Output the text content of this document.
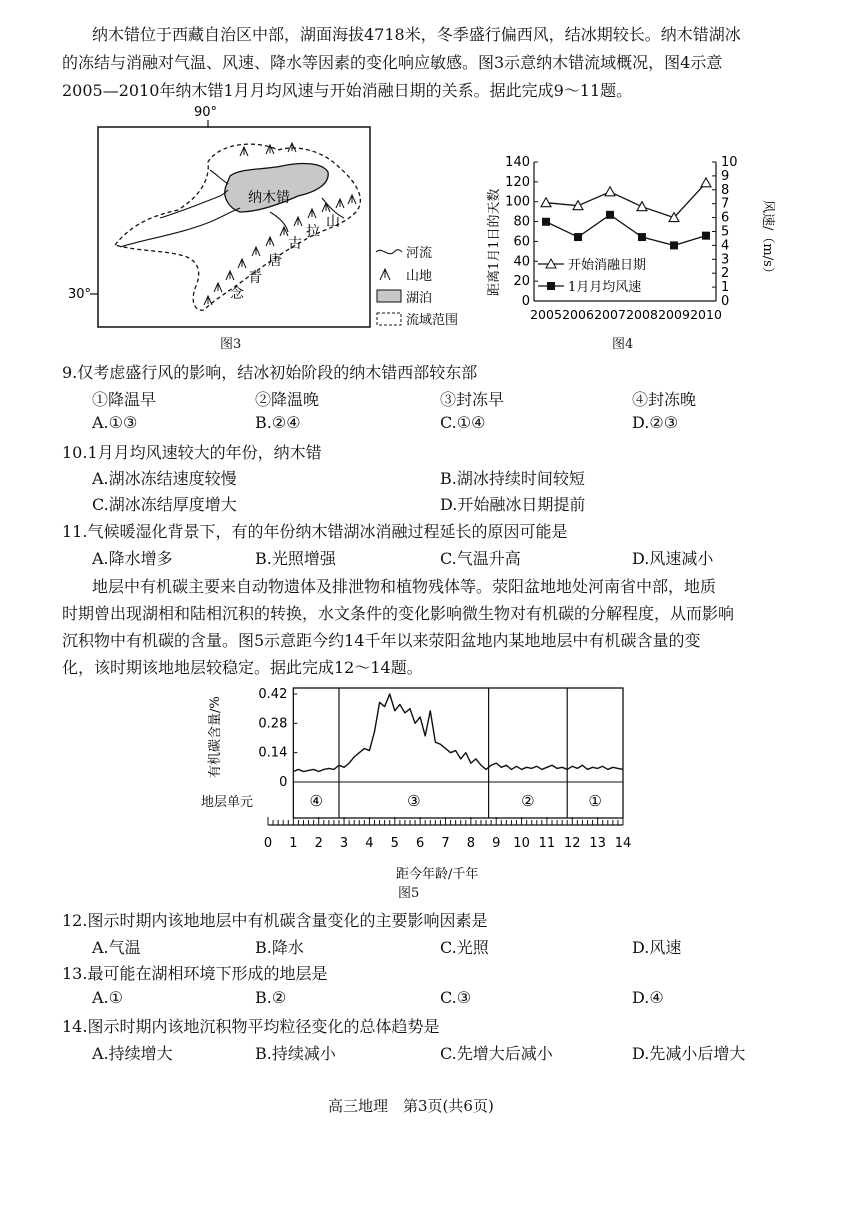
纳木错位于西藏自治区中部，湖面海拔4718米，冬季盛行偏西风，结冰期较长。纳木错湖冰
的冻结与消融对气温、风速、降水等因素的变化响应敏感。图3示意纳木错流域概况，图4示意
2005—2010年纳木错1月月均风速与开始消融日期的关系。据此完成9～11题。
90°
30°
纳木错
念
青
唐
古
拉
山
河流
山地
湖泊
流域范围
图3
距离1月1日的天数	风速/（m/s）
0
20
40
60
80
100
120
140
0
1
2
3
4
5
6
7
8
9
10
2005 2006 2007 2008 2009 2010
开始消融日期
1月月均风速
图4
9.仅考虑盛行风的影响，结冰初始阶段的纳木错西部较东部
①降温早	②降温晚	③封冻早	④封冻晚
A.①③	B.②④	C.①④	D.②③
10.1月月均风速较大的年份，纳木错
A.湖冰冻结速度较慢	B.湖冰持续时间较短
C.湖冰冻结厚度增大	D.开始融冰日期提前
11.气候暖湿化背景下，有的年份纳木错湖冰消融过程延长的原因可能是
A.降水增多	B.光照增强	C.气温升高	D.风速减小
地层中有机碳主要来自动物遗体及排泄物和植物残体等。荥阳盆地地处河南省中部，地质
时期曾出现湖相和陆相沉积的转换，水文条件的变化影响微生物对有机碳的分解程度，从而影响
沉积物中有机碳的含量。图5示意距今约14千年以来荥阳盆地内某地地层中有机碳含量的变
化，该时期该地地层较稳定。据此完成12～14题。
有机碳含量/%
地层单元
0
0.14
0.28
0.42
④	③	②	①
0 1 2 3 4 5 6 7 8 9 10 11 12 13 14
距今年龄/千年
图5
12.图示时期内该地地层中有机碳含量变化的主要影响因素是
A.气温	B.降水	C.光照	D.风速
13.最可能在湖相环境下形成的地层是
A.①	B.②	C.③	D.④
14.图示时期内该地沉积物平均粒径变化的总体趋势是
A.持续增大	B.持续减小	C.先增大后减小	D.先减小后增大
高三地理　第3页(共6页)
